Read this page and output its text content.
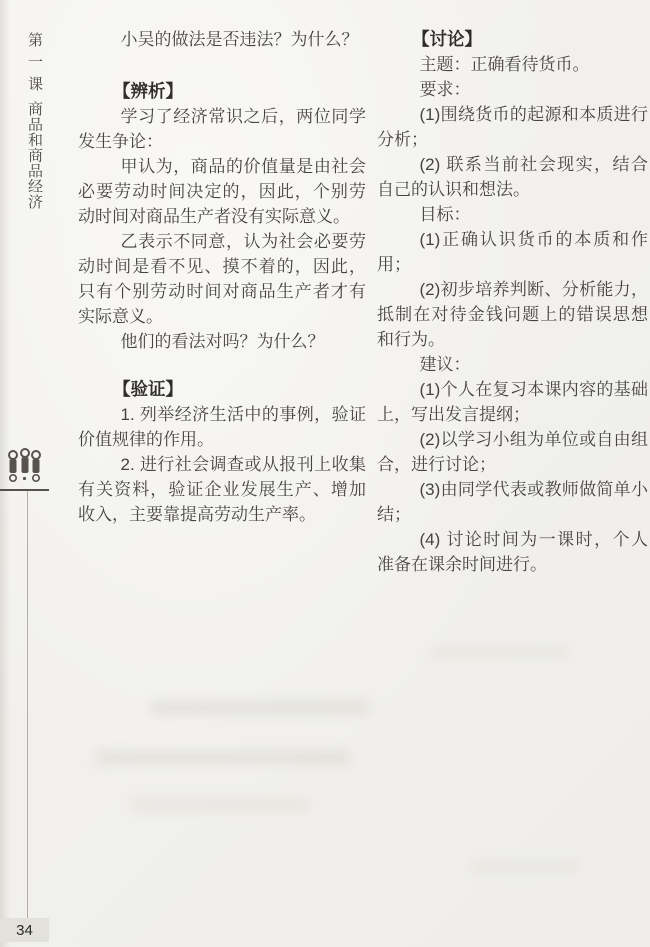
第一课
商品和商品经济
34

小吴的做法是否违法？为什么？

【辨析】

学习了经济常识之后，两位同学发生争论：

甲认为，商品的价值量是由社会必要劳动时间决定的，因此，个别劳动时间对商品生产者没有实际意义。

乙表示不同意，认为社会必要劳动时间是看不见、摸不着的，因此，只有个别劳动时间对商品生产者才有实际意义。

他们的看法对吗？为什么？

【验证】

1. 列举经济生活中的事例，验证价值规律的作用。

2. 进行社会调查或从报刊上收集有关资料，验证企业发展生产、增加收入，主要靠提高劳动生产率。

【讨论】

主题：正确看待货币。

要求：

(1)围绕货币的起源和本质进行分析；

(2) 联系当前社会现实，结合自己的认识和想法。

目标：

(1)正确认识货币的本质和作用；

(2)初步培养判断、分析能力，抵制在对待金钱问题上的错误思想和行为。

建议：

(1)个人在复习本课内容的基础上，写出发言提纲；

(2)以学习小组为单位或自由组合，进行讨论；

(3)由同学代表或教师做简单小结；

(4) 讨论时间为一课时，个人准备在课余时间进行。
